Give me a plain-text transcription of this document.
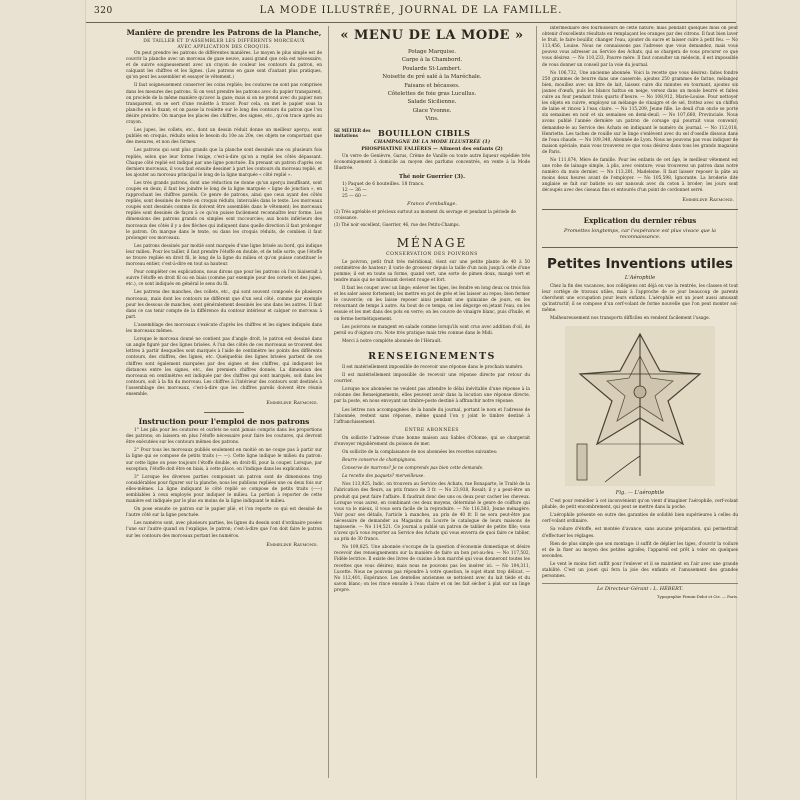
320	LA MODE ILLUSTRÉE, JOURNAL DE LA FAMILLE.
Manière de prendre les Patrons de la Planche,
DE TAILLER ET D'ASSEMBLER LES DIFFÉRENTS MORCEAUX
AVEC APPLICATION DES CROQUIS.

On peut prendre les patrons de différentes manières. Le moyen le plus simple est de couvrir la planche avec un morceau de gaze neuve, aussi grand que cela est nécessaire, et de suivre soigneusement avec un crayon de couleur les contours du patron, en calquant les chiffres et les lignes. (Les patrons en gaze sont d'autant plus pratiques, qu'on peut les assembler et essayer le vêtement.)

Il faut soigneusement conserver les coins repliés; les coutures ne sont pas comprises dans les mesures des patrons. Si on veut prendre les patrons avec du papier transparent, on procède de la même manière qu'avec la gaze; mais si on ne prend avec du papier non transparent, on se sert d'une roulette à tracer. Pour cela, on met le papier sous la planche en le fixant; et on passe la roulette sur le long des contours du patron que l'on désire prendre. On marque les places des chiffres, des signes, etc., qu'on trace après au crayon.

Les jupes, les collets, etc., dont un dessin réduit donne un meilleur aperçu, sont publiés en croquis, réduits selon le besoin du 10e au 20e, ces objets ne comportant que des mesures, et non des formes.

Les patrons qui sont plus grands que la planche sont dessinés une ou plusieurs fois repliés, selon que leur forme l'exige, c'est-à-dire qu'on a replié les côtés dépassant. Chaque côté replié est indiqué par une ligne ponctuée. En prenant un patron d'après ces derniers morceaux, il vous faut ensuite dessiner à part les contours du morceau replié, et les ajouter au morceau principal le long de la ligne marquée « côté replié ».

Les très grands patrons, dont une réduction ne donne qu'un aperçu insuffisant, sont coupés en deux; il faut les joindre le long de la ligne marquée « ligne de jonction », en rapprochant les chiffres pareils. Ce genre de patrons, ainsi que ceux ayant des côtés repliés, sont dessinés de reste en croquis réduits, intercalés dans le texte. Les morceaux coupés sont dessinés comme ils doivent être assemblés dans le vêtement; les morceaux repliés sont dessinés de façon à ce qu'on puisse facilement reconnaître leur forme. Les dimensions des patrons grands ou simples sont raccourcies; aux bouts inférieurs des morceaux des côtés il y a des flèches qui indiquent dans quelle direction il faut prolonger le patron. On marque dans le texte, ou dans les croquis réduits, de combien il faut prolonger ces morceaux.

Les patrons dessinés par moitié sont marqués d'une ligne brisée au bord, qui indique leur milieu. Pour les tailler, il faut prendre l'étoffe en double, et de telle sorte, que l'étoffe se trouve repliée en droit fil, le long de la ligne du milieu et qu'on puisse constituer le morceau entier, c'est-à-dire en tout sa hauteur.

Pour compléter ces explications, nous dirons que pour les patrons où l'on biaiserait à suivre l'étoffe en droit fil ou en biais (comme par exemple pour des corsets et des jupes, etc.), ce sont indiqués en général le sens du fil.

Les patrons des manches, des collets, etc., qui sont souvent composés de plusieurs morceaux, mais dont les contours ne diffèrent que d'un seul côté, comme par exemple pour les dessous de manches, sont généralement dessinés les uns dans les autres. Il faut dans ce cas tenir compte de la différence du contour intérieur et calquer ce morceau à part.

L'assemblage des morceaux s'exécute d'après les chiffres et les signes indiqués dans les morceaux mêmes.

Lorsque le morceau donné ne contient pas d'angle droit, le patron est dessiné dans un angle figuré par des lignes brisées. À l'un des côtés de ces morceaux se trouvent des lettres à partir desquelles sont marqués à l'aide de centimètre les points des différents contours, des chiffres, des lignes, etc. Quelquefois des lignes brisées partent de ces chiffres sont également marquées par des signes et des chiffres, qui indiquent les distances entre les signes, etc., des premiers chiffres donnés. La dimension des morceaux en centimètres est indiquée par des chiffres qui sont marqués, soit dans les contours, soit à la fin du morceau. Les chiffres à l'intérieur des contours sont destinés à l'assemblage des morceaux, c'est-à-dire que les chiffres pareils doivent être réunis ensemble.

Emmeline Raymond.
Instruction pour l'emploi de nos patrons

1° Les plis pour les coutures et ourlets ne sont jamais compris dans les proportions des patrons; on laissera en plus l'étoffe nécessaire pour faire les coutures, qui devront être exécutées sur les contours mêmes des patrons.

2° Pour tous les morceaux publiés seulement en moitié on ne coupe pas à partir sur la ligne qui se compose de petits traits (— —). Cette ligne indique le milieu du patron: sur cette ligne on pose toujours l'étoffe double, en droit-fil, pour la couper. Lorsque, par exception, l'étoffe doit être en biais, à cette place, on l'indique dans les explications.

3° Lorsque les diverses parties composant un patron sont de dimensions trop considérables pour figurer sur la planche, nous les publions repliées une ou deux fois sur elles-mêmes. La ligne indiquant le côté replié se compose de petits traits (-----) semblables à ceux employés pour indiquer le milieu. La portion à reporter de cette manière est indiquée par le plus en moins de la ligne indiquant le milieu.

On pose ensuite ce patron sur le papier plié, et l'on reporte ce qui est dessiné de l'autre côté sur la ligne ponctuée.

Les numéros sont, avec plusieurs parties, les lignes du dessin sont d'ordinaire posées l'une sur l'autre quand on l'explique, le patron; c'est-à-dire que l'on doit faire le patron sur les contours des morceaux portant les numéros.

Emmeline Raymond.
« MENU DE LA MODE »
Potage Marquise.
Carpe à la Chambord.
Poularde St-Lambert.
Noisette de pré salé à la Maréchale.
Faisans et bécasses.
Côtelettes de foie gras Lucullus.
Salade Sicilienne.
Glace Yvonne.
Vins.
SE MÉFIER des imitations	BOUILLON CIBILS
CHAMPAGNE DE LA MODE ILLUSTRÉE (1)
PHOSPHATINE FALIÈRES — Aliment des enfants (2)

Un verre de Genièvre, Garus, Crème de Vanille ou toute autre liqueur expédiée très économiquement à domicile au moyen des parfums concentrés, en vente à la Mode Illustrée.

Thé noir Guerrier (3).
1) Paquet de 6 bouteilles. 18 francs.
12 — 36 —
25 — 60 —
Franco d'emballage.
(2) Très agréable et précieux surtout au moment du sevrage et pendant la période de croissance.
(3) Thé noir excellent, Guerrier, 46, rue des Petits-Champs.
MÉNAGE
CONSERVATION DES POIVRONS

Le poivron, petit fruit très méridional, vient sur une petite plante de 40 à 50 centimètres de hauteur; il varie de grosseur depuis la taille d'un noix jusqu'à celle d'une pomme; il est en toute sa forme, quand vert, une sorte de pimen doux, mangé vert et tendre mais qui ne mûrissant devient rouge et fort.

Il faut les couper avec un linge; enlever les tiges, les fendre en long deux ou trois fois et les saler assez fortement; les mettre en pot de grès et les laisser au repos; bien fermer le couvercle; on les laisse reposer ainsi pendant une quinzaine de jours, en les retournant de temps à autre. Au bout de ce temps, on les dégorge en jetant l'eau, on les essuie et les met dans des pots en verre; on les couvre de vinaigre blanc, puis d'huile, et on ferme hermétiquement.

Les poivrons se mangent en salade comme lorsqu'ils sont crus avec addition d'oil, de persil ou d'oignon cru. Note très pratique mais très connue dans le Midi.

Merci à notre compléte abonnée de l'Hérault.

RENSEIGNEMENTS

Il est matériellement impossible de recevoir une réponse dans le prochain numéro.

Il est matériellement impossible de recevoir une réponse directe par retour du courrier.

Lorsque nos abonnées ne veulent pas attendre le délai inévitable d'une réponse à la colonne des Renseignements, elles peuvent avoir dans la locution une réponse directe, par la poste, en nous envoyant un timbre-poste destiné à affranchir notre réponse.

Les lettres non accompagnées de la bande du journal, portant le nom et l'adresse de l'abonnée, restent sans réponse, même quand l'on y joint le timbre destiné à l'affranchissement.

ENTRE ABONNÉES

On sollicite l'adresse d'une bonne maison aux Sables d'Olonne, qui se chargerait d'envoyer régulièrement du poisson de mer.

On sollicite de la complaisance de nos abonnées les recettes suivantes:

Beurre conserve de champignons.

Conserve de marrons? Je ne comprends pas bien cette demande.

La recette des paquets? merveilleuse.

Nos 113,925, Indic. on trouvera au Service des Achats, rue Bonaparte, le Traité de la Fabrication des fleurs, au prix franco de 3 fr. — No 23,938, Rosalt; il y a peut-être un produit qui peut faire l'affaire. Il faudrait donc des uns ou deux pour cacher les cheveux. Lorsque vous aurez, en combinant ces deux moyens, déterminé le genre de coiffure qui vous va le mieux, il vous sera facile de la reproduire. — No 116,583, Jeune ménagère. Voir pour ses détails, l'article à manches, au prix de 40 fr. Il ne sera peut-être pas nécessaire de demander au Magasins du Louvre le catalogue de leurs maisons de tapisserie. — No 114,521. Ce journal a publié un patron de tablier de petite fille; vous n'avez qu'à vous reporter au Service des Achats qui vous enverra de quoi faire ce tablier, au prix de 30 francs.

No 109,825. Une abonnée s'occupe de la question d'économie domestique et désire recevoir des renseignements sur la manière de faire un bon pot-au-feu. — No 117,502, Fidèle lectrice. Il existe des livres de cuisine à bon marché qui vous donneront toutes les recettes que vous désirez; mais nous ne pouvons pas les insérer ici. — No 104,311, Lucette. Nous ne pouvons pas répondre à votre question, le sujet étant trop délicat. — No 112,401, Espérance. Les dentelles anciennes se nettoient avec du lait tiède et du savon blanc; on les rince ensuite à l'eau claire et on les fait sécher à plat sur un linge propre.

intermédiaire des fournisseurs de cette nature; mais pendant quelques mois on peut obtenir d'excellents résultats en remplaçant les oranges par des citrons. Il faut bien laver le fruit, le faire bouillir, changer l'eau, ajouter du sucre et laisser cuire à petit feu. — No 113,456, Louise. Nous ne connaissons pas l'adresse que vous demandez, mais vous pouvez vous adresser au Service des Achats, qui se chargera de vous procurer ce que vous désirez. — No 110,233, Pauvre mère. Il faut consulter un médecin, il est impossible de vous donner un conseil par la voie du journal.

No 106,732, Une ancienne abonnée. Voici la recette que vous désirez: faites fondre 250 grammes de beurre dans une casserole, ajoutez 250 grammes de farine, mélangez bien, mouillez avec un litre de lait, laissez cuire dix minutes en tournant, ajoutez six jaunes d'œufs, puis les blancs battus en neige, versez dans un moule beurré et faites cuire au four pendant trois quarts d'heure. — No 108,912, Marie-Louise. Pour nettoyer les objets en cuivre, employez un mélange de vinaigre et de sel, frottez avec un chiffon de laine et rincez à l'eau claire. — No 115,209, Jeune fille. Le deuil d'un oncle se porte six semaines en noir et six semaines en demi-deuil. — No 107,660, Provinciale. Nous avons publié l'année dernière un patron de corsage qui pourrait vous convenir; demandez-le au Service des Achats en indiquant le numéro du journal. — No 112,018, Henriette. Les taches de rouille sur le linge s'enlèvent avec du sel d'oseille dissous dans de l'eau chaude. — No 109,340, Abonnée de Lyon. Nous ne pouvons pas vous indiquer de maison spéciale, mais vous trouverez ce que vous désirez dans tous les grands magasins de Paris.

No 111,874, Mère de famille. Pour les enfants de cet âge, le meilleur vêtement est une robe de lainage simple, à plis, avec ceinture; vous trouverez un patron dans notre numéro du mois dernier. — No 113,201, Madeleine. Il faut laisser reposer la pâte au moins deux heures avant de l'employer. — No 105,598, Ignorante. La broderie dite anglaise se fait sur batiste ou sur nansouk avec du coton à broder; les jours sont découpés avec des ciseaux fins et entourés d'un point de cordonnet serré.

Emmeline Raymond.
Explication du dernier rébus
Promettes longtemps, car l'espérance est plus vivace que la reconnaissance.
Petites Inventions utiles
L'Aérophile

Chez la fin des vacances, nos collégiens ont déjà en vue la rentrée, les classes et tout leur cortège de travaux utiles, mais à l'approche de ce jour beaucoup de parents cherchent une occupation pour leurs enfants. L'aérophile est un jouet aussi amusant qu'instructif; il se compose d'un cerf-volant de forme nouvelle que l'on peut monter soi-même.

Malheureusement nos transports difficiles en rendent facilement l'usage.

Fig. — L'aérophile

C'est pour remédier à cet inconvénient qu'on vient d'imaginer l'aérophile, cerf-volant pliable, de petit encombrement, qui peut se mettre dans la poche.

L'aérophile présente en outre des garanties de solidité bien supérieures à celles du cerf-volant ordinaire.

Sa voilure d'étoffe, est montée d'avance, sans aucune préparation, qui permettrait d'effectuer les réglages.

Rien de plus simple que son montage: il suffit de déplier les tiges, d'ouvrir la voilure et de la fixer au moyen des petites agrafes; l'appareil est prêt à voler en quelques secondes.

Le vent le moins fort suffit pour l'enlever et il se maintient en l'air avec une grande stabilité. C'est un jouet qui fera la joie des enfants et l'amusement des grandes personnes.

Le Directeur-Gérant : L. HÉBERT.
Typographie Firmin-Didot et Cie. — Paris.
